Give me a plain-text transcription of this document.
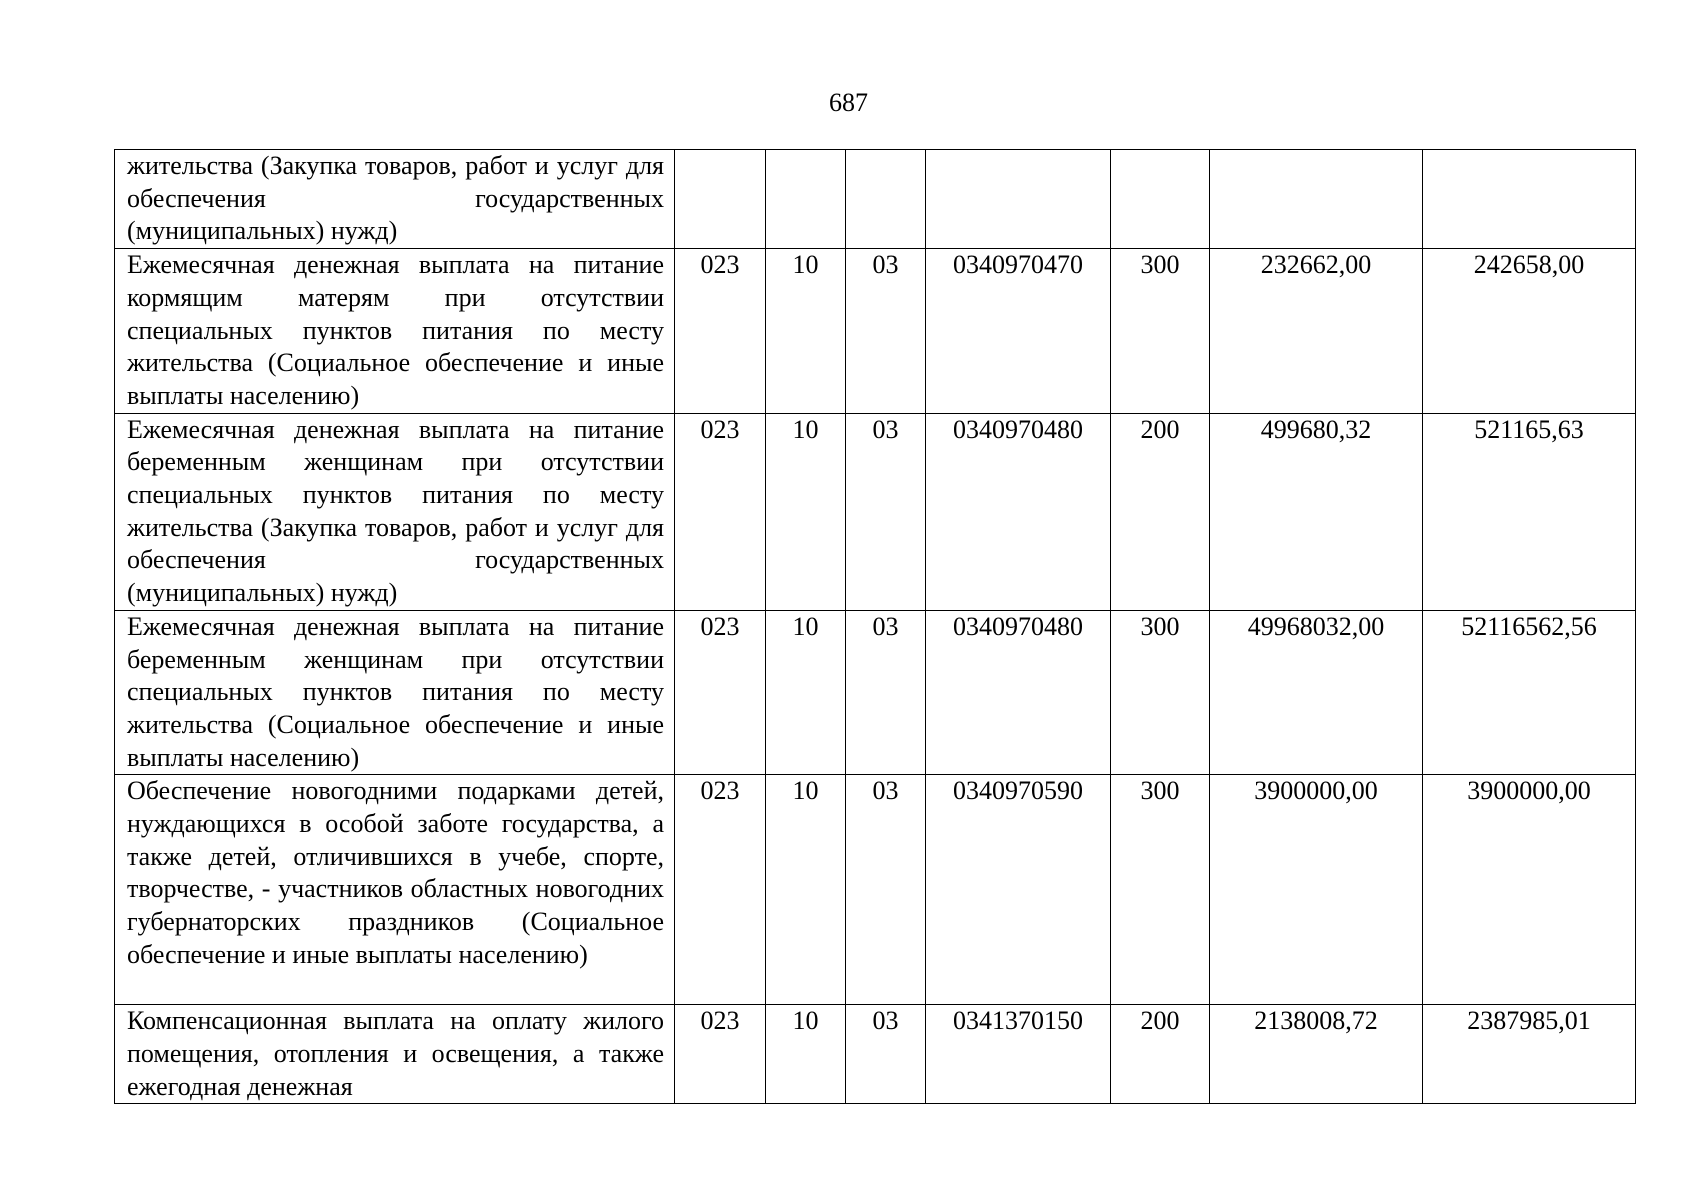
687
жительства (Закупка товаров, работ и услуг для обеспечения государственных (муниципальных) нужд)							
Ежемесячная денежная выплата на питание кормящим матерям при отсутствии специальных пунктов питания по месту жительства (Социальное обеспечение и иные выплаты населению)	023	10	03	0340970470	300	232662,00	242658,00
Ежемесячная денежная выплата на питание беременным женщинам при отсутствии специальных пунктов питания по месту жительства (Закупка товаров, работ и услуг для обеспечения государственных (муниципальных) нужд)	023	10	03	0340970480	200	499680,32	521165,63
Ежемесячная денежная выплата на питание беременным женщинам при отсутствии специальных пунктов питания по месту жительства (Социальное обеспечение и иные выплаты населению)	023	10	03	0340970480	300	49968032,00	52116562,56
Обеспечение новогодними подарками детей, нуждающихся в особой заботе государства, а также детей, отличившихся в учебе, спорте, творчестве, - участников областных новогодних губернаторских праздников (Социальное обеспечение и иные выплаты населению)	023	10	03	0340970590	300	3900000,00	3900000,00
Компенсационная выплата на оплату жилого помещения, отопления и освещения, а также ежегодная денежная	023	10	03	0341370150	200	2138008,72	2387985,01
